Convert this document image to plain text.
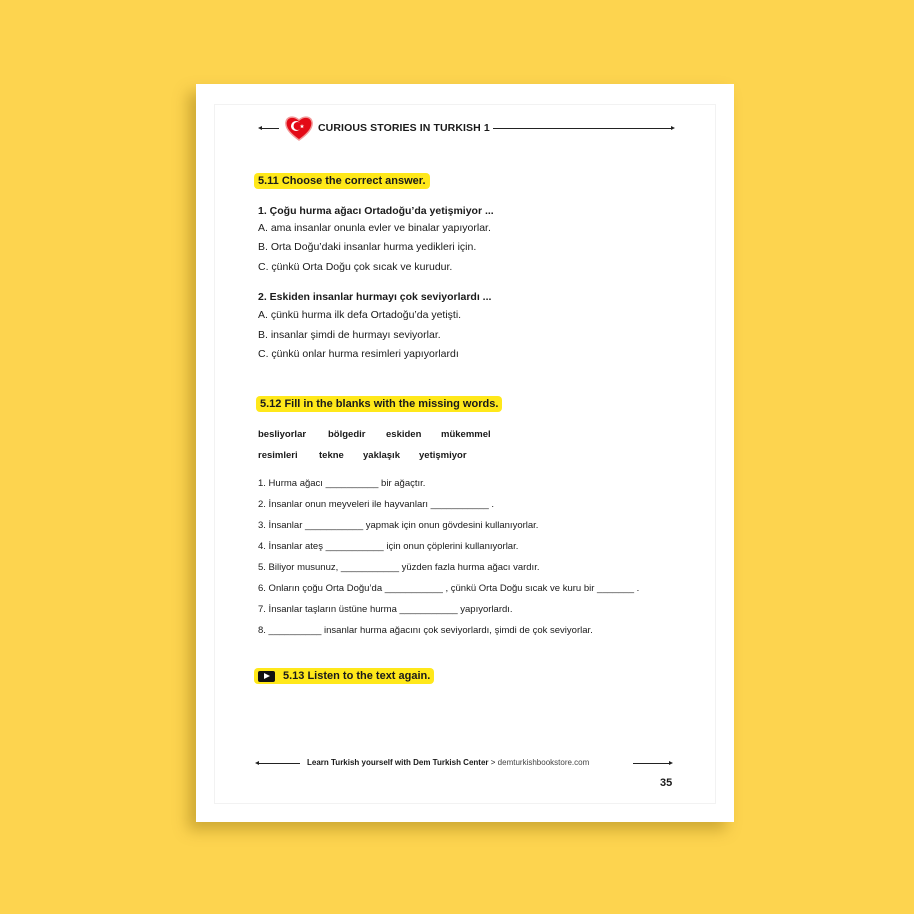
CURIOUS STORIES IN TURKISH 1
5.11 Choose the correct answer.
1. Çoğu hurma ağacı Ortadoğu’da yetişmiyor ...
A. ama insanlar onunla evler ve binalar yapıyorlar.
B. Orta Doğu’daki insanlar hurma yedikleri için.
C. çünkü Orta Doğu çok sıcak ve kurudur.
2. Eskiden insanlar hurmayı çok seviyorlardı ...
A. çünkü hurma ilk defa Ortadoğu’da yetişti.
B. insanlar şimdi de hurmayı seviyorlar.
C. çünkü onlar hurma resimleri yapıyorlardı
5.12 Fill in the blanks with the missing words.
besliyorlar bölgedir eskiden mükemmel
resimleri tekne yaklaşık yetişmiyor
1. Hurma ağacı __________ bir ağaçtır.
2. İnsanlar onun meyveleri ile hayvanları ___________ .
3. İnsanlar ___________ yapmak için onun gövdesini kullanıyorlar.
4. İnsanlar ateş ___________ için onun çöplerini kullanıyorlar.
5. Biliyor musunuz, ___________ yüzden fazla hurma ağacı vardır.
6. Onların çoğu Orta Doğu’da ___________ , çünkü Orta Doğu sıcak ve kuru bir _______ .
7. İnsanlar taşların üstüne hurma ___________ yapıyorlardı.
8. __________ insanlar hurma ağacını çok seviyorlardı, şimdi de çok seviyorlar.
5.13 Listen to the text again.
Learn Turkish yourself with Dem Turkish Center > demturkishbookstore.com
35
